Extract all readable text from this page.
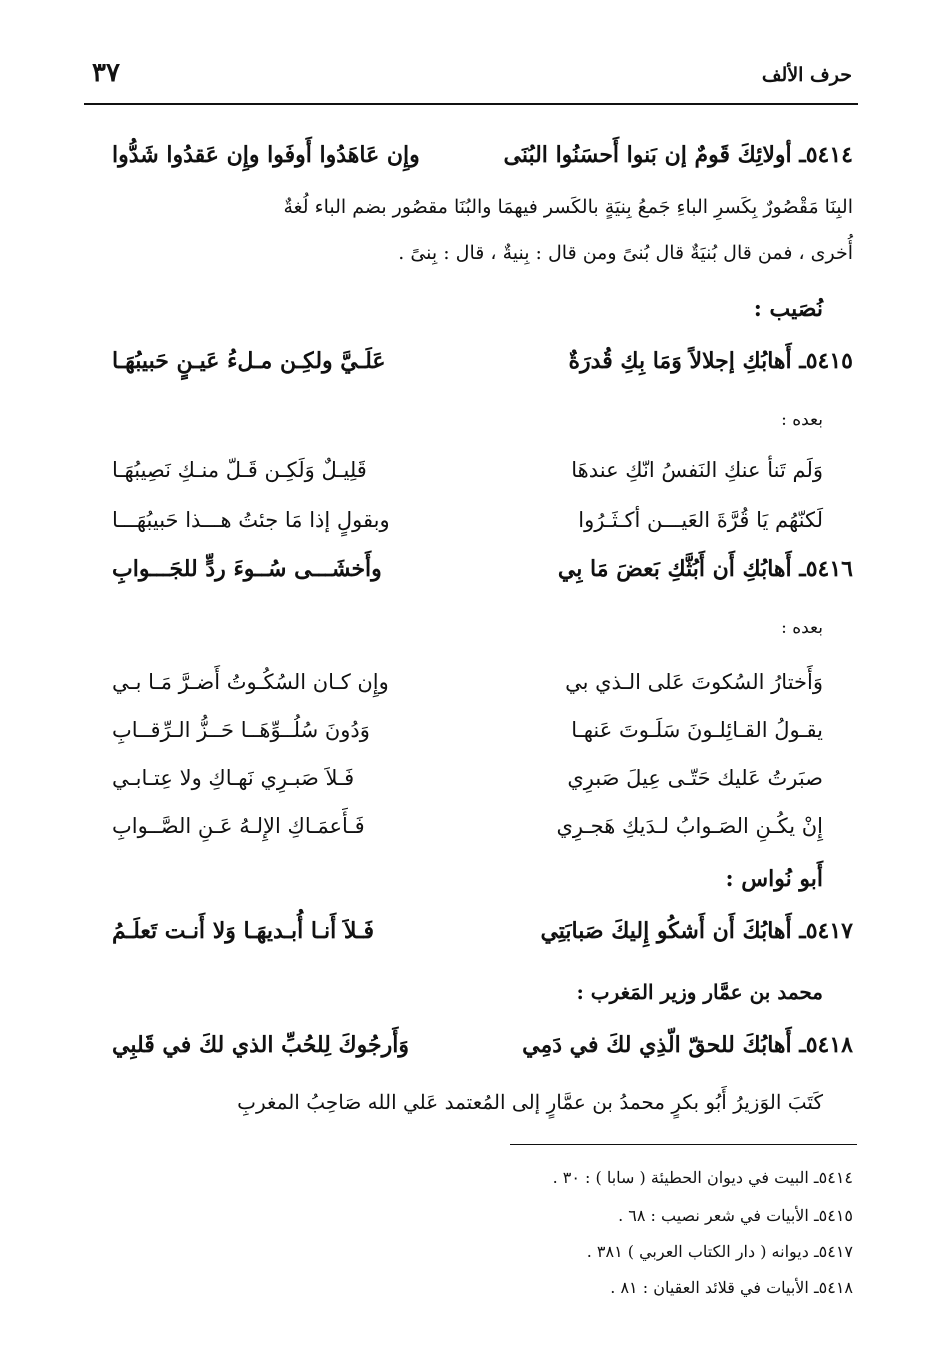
حرف الألف
٣٧
٥٤١٤ـ أولائِكَ قَومٌ إن بَنوا أَحسَنُوا البُنَى
وإِن عَاهَدُوا أَوفَوا وإِن عَقدُوا شَدُّوا
البِنَا مَقْصُورٌ بِكَسرِ الباءِ جَمعُ بِنيَةٍ بالكَسر فيهمَا والبُنَا مقصُور بضم الباء لُغةٌ
أُخرى ، فمن قال بُنيَةٌ قال بُنىً ومن قال : بِنيةٌ ، قال : بِنىً .
نُصَيب :
٥٤١٥ـ أَهابُكِ إجلالاً وَمَا بِكِ قُدرَةٌ
عَلَـيَّ ولكِـن مـلءُ عَيـنٍ حَبيبُهَـا
بعده :
وَلَم تَنأ عنكِ النَفسُ انّكِ عندهَا
قَلِيـلٌ وَلَكِـن قَـلّ منـكِ نَصِيبُهَـا
لَكنّهُم يَا قُرَّةَ العَيـــن أكـثَـرُوا
وبقولٍ إذا مَا جئتُ هـــذا حَبيبُهَـــا
٥٤١٦ـ أَهابُكِ أَن أَبُثَّكِ بَعضَ مَا بِي
وأَخشَـــى سُــوءَ ردٍّ للجَـــوابِ
بعده :
وَأَختارُ السُكوتَ عَلى الـذي بي
وإِن كـان السُكُـوتُ أَضـرَّ مَـا بـي
يقـولُ القـائِلـونَ سَلَـوتَ عَنهـا
وَدُونَ سُلُــوِّهَــا حَــزُّ الـرِّقــابِ
صبَرتُ عَليك حَتّـى عِيلَ صَبرِي
فَـلاَ صَبـرِي نَهـاكِ ولا عِتـابـي
إِنْ يكُـنِ الصَـوابُ لـدَيكِ هَجـرِي
فَـأَعمَـاكِ الإِلـهُ عَـنِ الصَّــوابِ
أَبو نُواس :
٥٤١٧ـ أَهابُكَ أَن أَشكُو إِليكَ صَبابَتِي
فَـلاَ أَنـا أُبـديهَـا وَلا أَنـت تَعلَـمُ
محمد بن عمَّار وزير المَغرب :
٥٤١٨ـ أَهابُكَ للحقّ الّذِي لكَ في دَمِي
وَأَرجُوكَ لِلحُبِّ الذي لكَ في قَلبِي
كَتَبَ الوَزيرُ أَبُو بكرٍ محمدُ بن عمَّارٍ إلى المُعتمد عَلي الله صَاحِبُ المغربِ
٥٤١٤ـ البيت في ديوان الحطيئة ( سابا ) : ٣٠ .
٥٤١٥ـ الأبيات في شعر نصيب : ٦٨ .
٥٤١٧ـ ديوانه ( دار الكتاب العربي ) ٣٨١ .
٥٤١٨ـ الأبيات في قلائد العقيان : ٨١ .
